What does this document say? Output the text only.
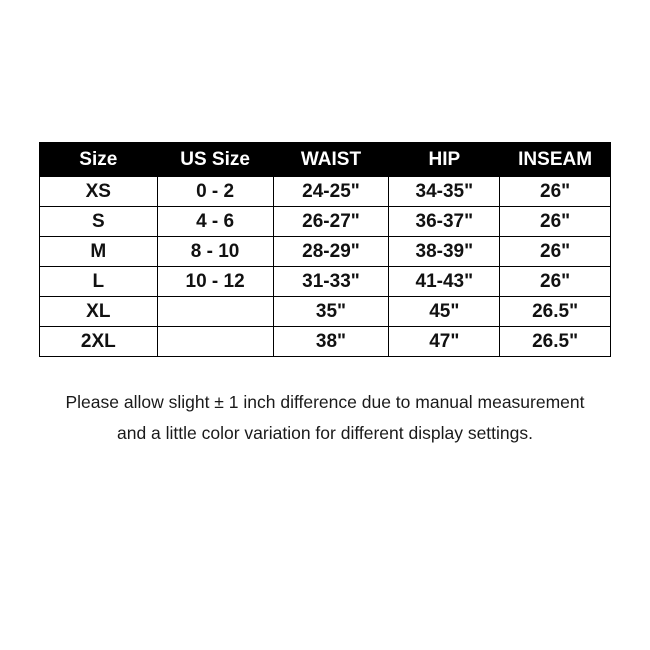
Size	US Size	WAIST	HIP	INSEAM
XS	0 - 2	24-25"	34-35"	26"
S	4 - 6	26-27"	36-37"	26"
M	8 - 10	28-29"	38-39"	26"
L	10 - 12	31-33"	41-43"	26"
XL		35"	45"	26.5"
2XL		38"	47"	26.5"
Please allow slight ± 1 inch difference due to manual measurement and a little color variation for different display settings.
